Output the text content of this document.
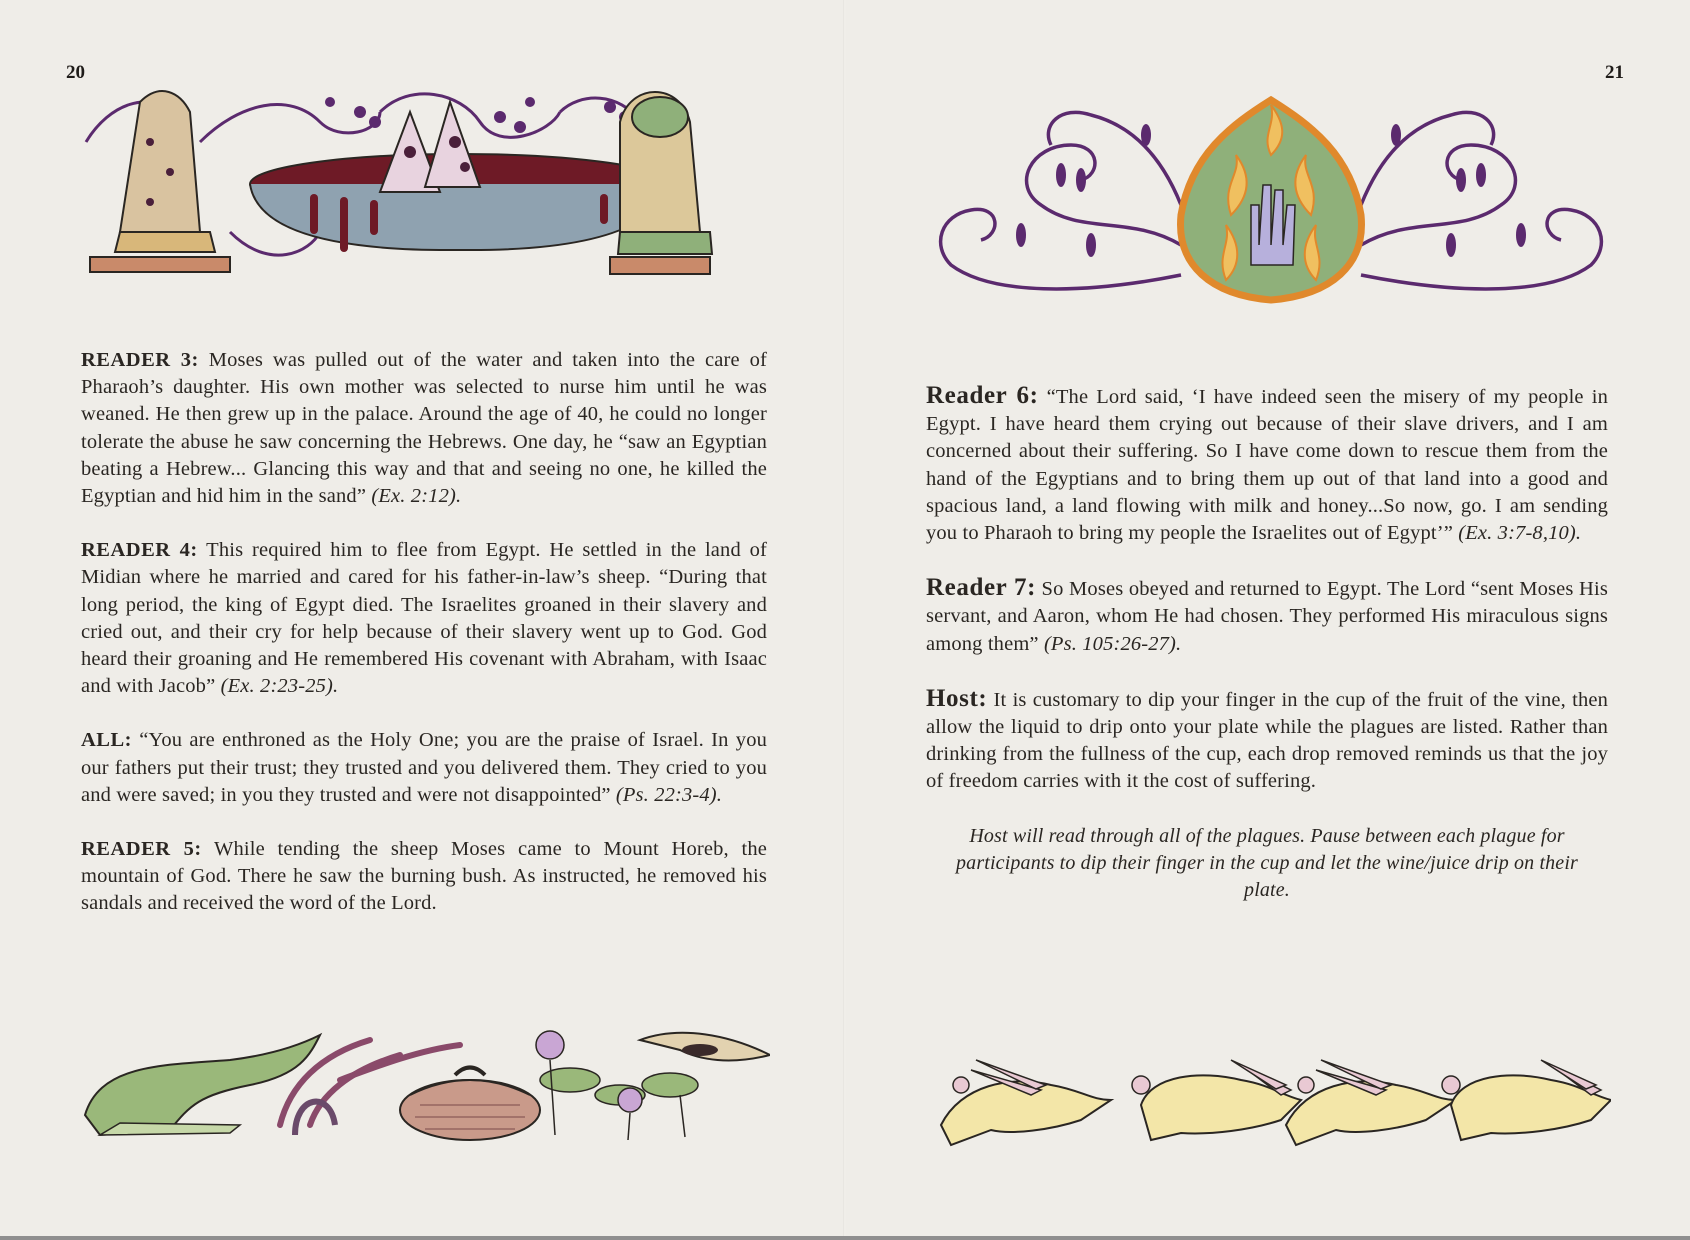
20

READER 3: Moses was pulled out of the water and taken into the care of Pharaoh’s daughter. His own mother was selected to nurse him until he was weaned. He then grew up in the palace. Around the age of 40, he could no longer tolerate the abuse he saw concerning the Hebrews. One day, he “saw an Egyptian beating a Hebrew... Glancing this way and that and seeing no one, he killed the Egyptian and hid him in the sand” (Ex. 2:12).

READER 4: This required him to flee from Egypt. He settled in the land of Midian where he married and cared for his father-in-law’s sheep. “During that long period, the king of Egypt died. The Israelites groaned in their slavery and cried out, and their cry for help because of their slavery went up to God. God heard their groaning and He remembered His covenant with Abraham, with Isaac and with Jacob” (Ex. 2:23-25).

ALL: “You are enthroned as the Holy One; you are the praise of Israel. In you our fathers put their trust; they trusted and you delivered them. They cried to you and were saved; in you they trusted and were not disappointed” (Ps. 22:3-4).

READER 5: While tending the sheep Moses came to Mount Horeb, the mountain of God. There he saw the burning bush. As instructed, he removed his sandals and received the word of the Lord.

21

Reader 6: “The Lord said, ‘I have indeed seen the misery of my people in Egypt. I have heard them crying out because of their slave drivers, and I am concerned about their suffering. So I have come down to rescue them from the hand of the Egyptians and to bring them up out of that land into a good and spacious land, a land flowing with milk and honey...So now, go. I am sending you to Pharaoh to bring my people the Israelites out of Egypt’” (Ex. 3:7-8,10).

Reader 7: So Moses obeyed and returned to Egypt. The Lord “sent Moses His servant, and Aaron, whom He had chosen. They performed His miraculous signs among them” (Ps. 105:26-27).

Host: It is customary to dip your finger in the cup of the fruit of the vine, then allow the liquid to drip onto your plate while the plagues are listed. Rather than drinking from the fullness of the cup, each drop removed reminds us that the joy of freedom carries with it the cost of suffering.

Host will read through all of the plagues. Pause between each plague for participants to dip their finger in the cup and let the wine/juice drip on their plate.
